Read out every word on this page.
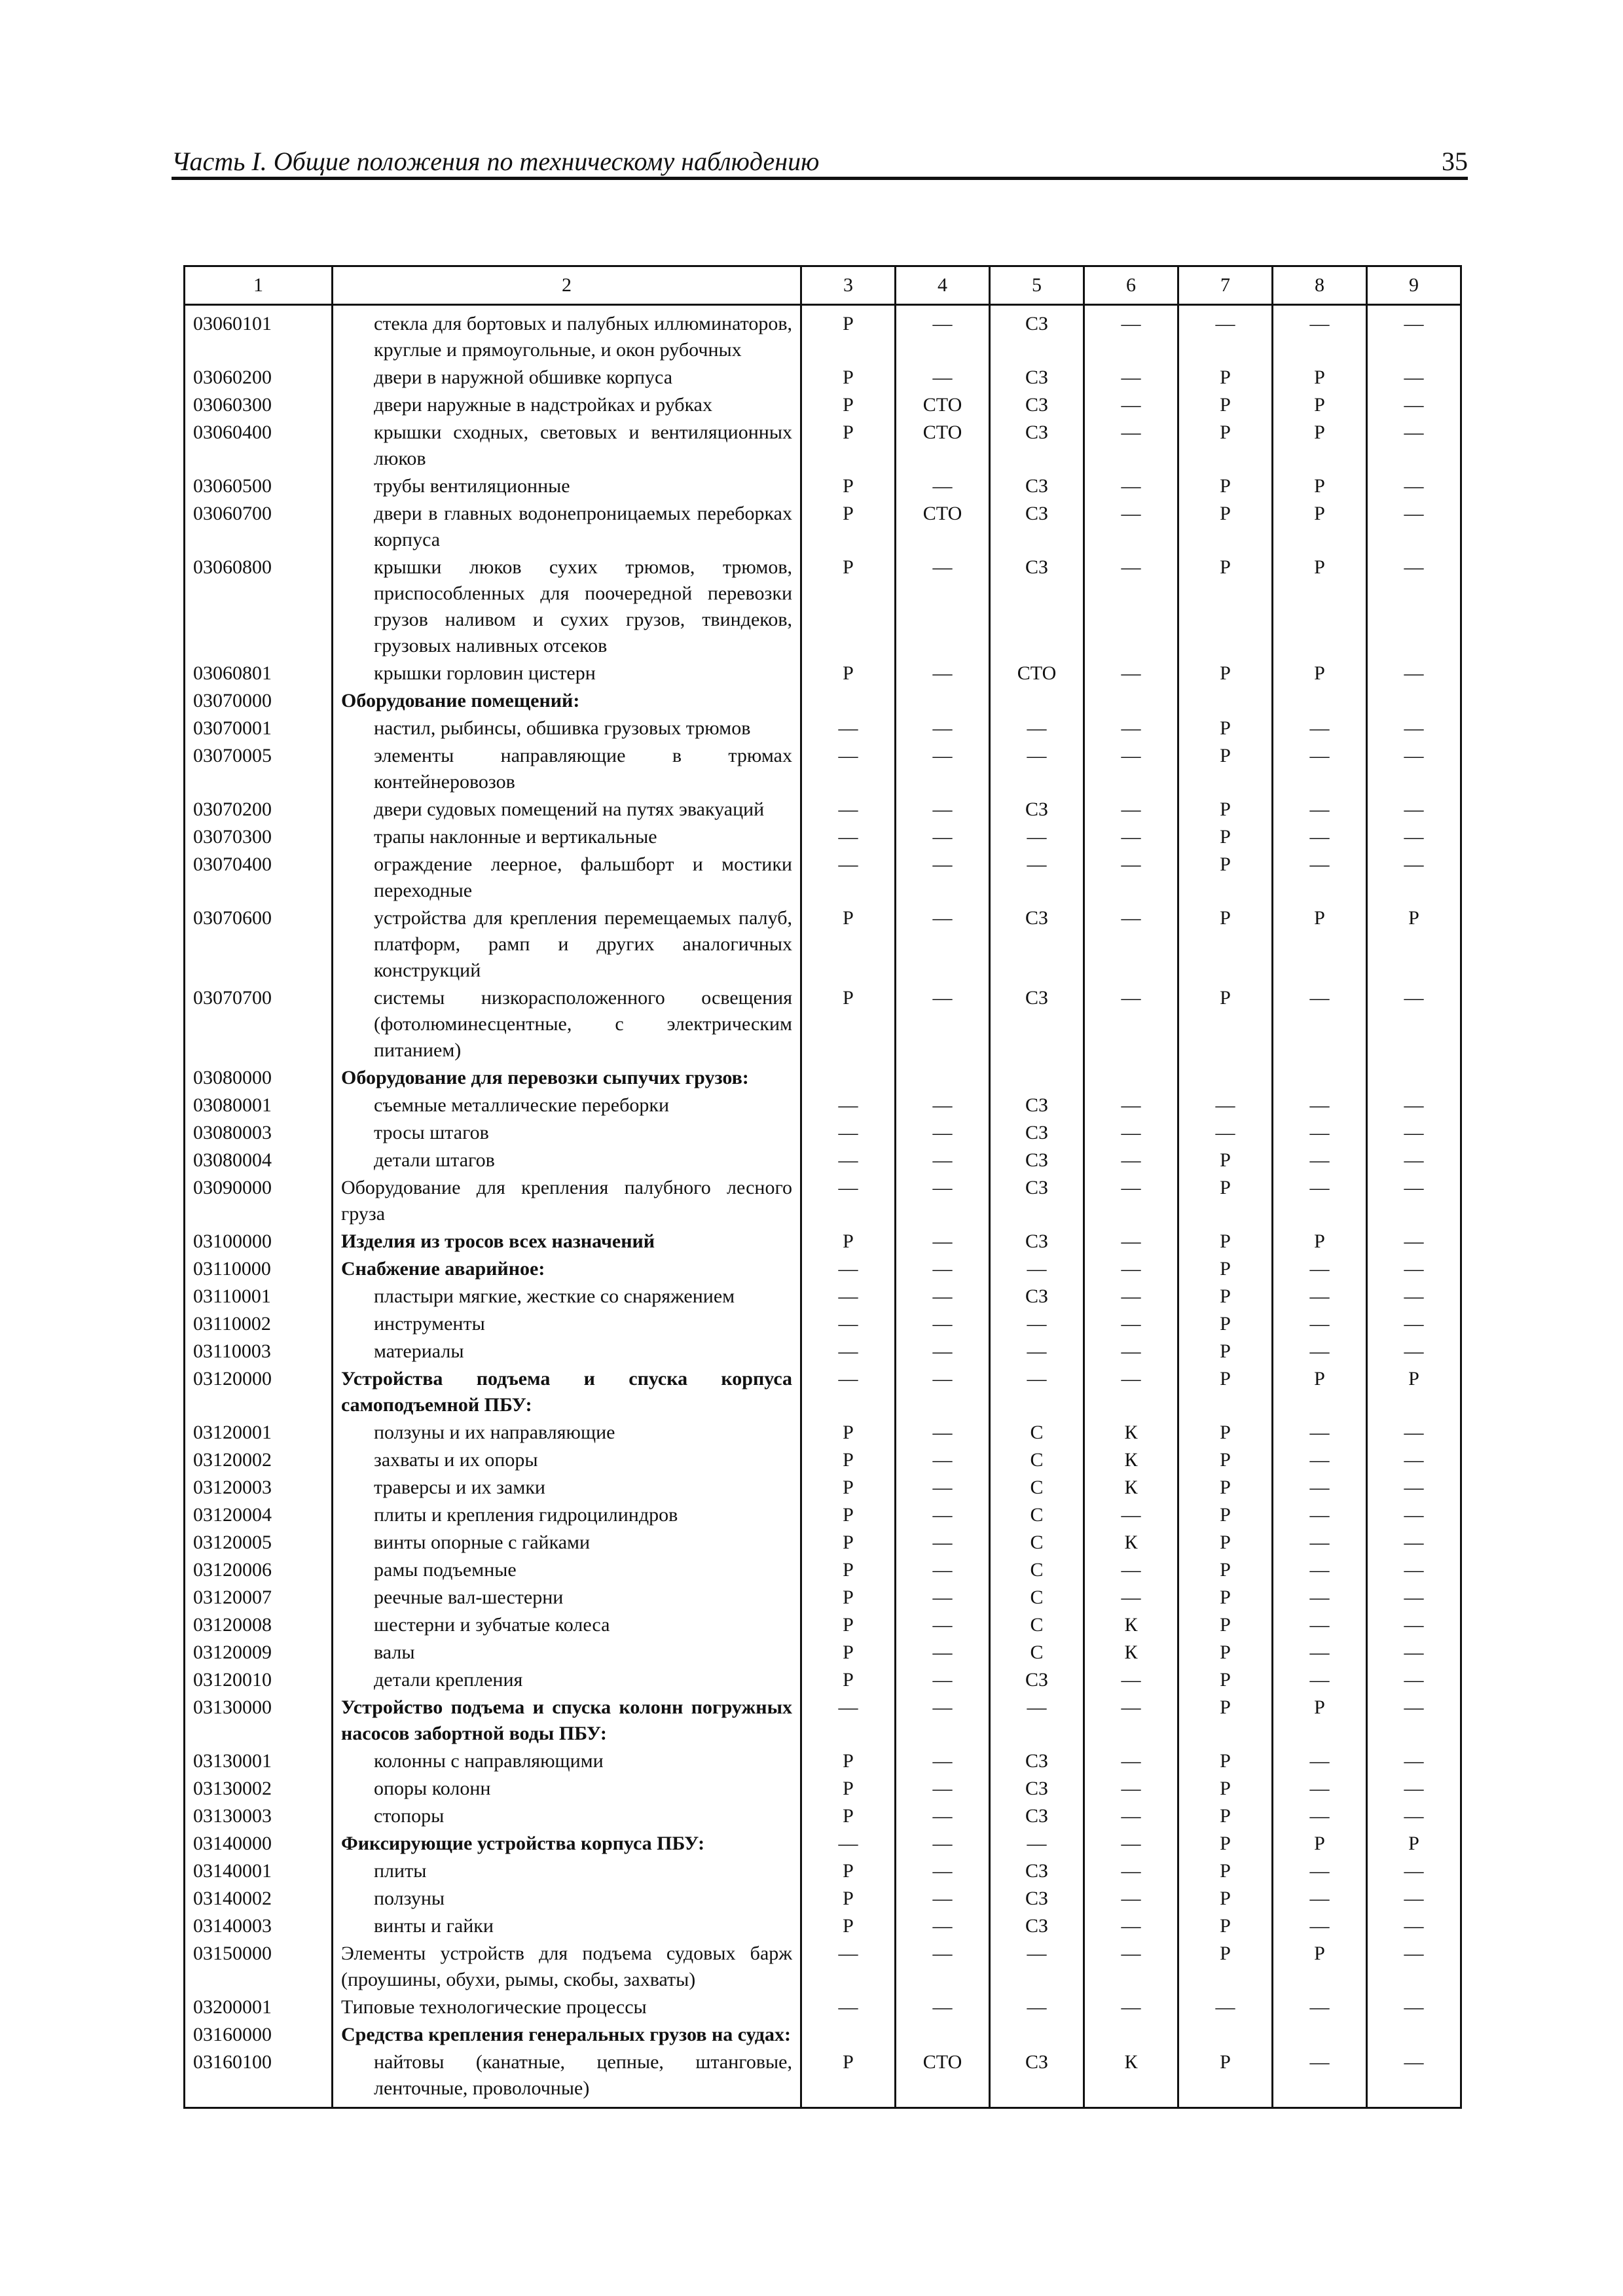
Часть I. Общие положения по техническому наблюдению	35
1	2	3	4	5	6	7	8	9
03060101	стекла для бортовых и палубных иллюминаторов, круглые и прямоугольные, и окон рубочных	Р	—	СЗ	—	—	—	—
03060200	двери в наружной обшивке корпуса	Р	—	СЗ	—	Р	Р	—
03060300	двери наружные в надстройках и рубках	Р	СТО	СЗ	—	Р	Р	—
03060400	крышки сходных, световых и вентиляционных люков	Р	СТО	СЗ	—	Р	Р	—
03060500	трубы вентиляционные	Р	—	СЗ	—	Р	Р	—
03060700	двери в главных водонепроницаемых переборках корпуса	Р	СТО	СЗ	—	Р	Р	—
03060800	крышки люков сухих трюмов, трюмов, приспособленных для поочередной перевозки грузов наливом и сухих грузов, твиндеков, грузовых наливных отсеков	Р	—	СЗ	—	Р	Р	—
03060801	крышки горловин цистерн	Р	—	СТО	—	Р	Р	—
03070000	Оборудование помещений:							
03070001	настил, рыбинсы, обшивка грузовых трюмов	—	—	—	—	Р	—	—
03070005	элементы направляющие в трюмах контейнеровозов	—	—	—	—	Р	—	—
03070200	двери судовых помещений на путях эвакуаций	—	—	СЗ	—	Р	—	—
03070300	трапы наклонные и вертикальные	—	—	—	—	Р	—	—
03070400	ограждение леерное, фальшборт и мостики переходные	—	—	—	—	Р	—	—
03070600	устройства для крепления перемещаемых палуб, платформ, рамп и других аналогичных конструкций	Р	—	СЗ	—	Р	Р	Р
03070700	системы низкорасположенного освещения (фотолюминесцентные, с электрическим питанием)	Р	—	СЗ	—	Р	—	—
03080000	Оборудование для перевозки сыпучих грузов:							
03080001	съемные металлические переборки	—	—	СЗ	—	—	—	—
03080003	тросы штагов	—	—	СЗ	—	—	—	—
03080004	детали штагов	—	—	СЗ	—	Р	—	—
03090000	Оборудование для крепления палубного лесного груза	—	—	СЗ	—	Р	—	—
03100000	Изделия из тросов всех назначений	Р	—	СЗ	—	Р	Р	—
03110000	Снабжение аварийное:	—	—	—	—	Р	—	—
03110001	пластыри мягкие, жесткие со снаряжением	—	—	СЗ	—	Р	—	—
03110002	инструменты	—	—	—	—	Р	—	—
03110003	материалы	—	—	—	—	Р	—	—
03120000	Устройства подъема и спуска корпуса самоподъемной ПБУ:	—	—	—	—	Р	Р	Р
03120001	ползуны и их направляющие	Р	—	С	К	Р	—	—
03120002	захваты и их опоры	Р	—	С	К	Р	—	—
03120003	траверсы и их замки	Р	—	С	К	Р	—	—
03120004	плиты и крепления гидроцилиндров	Р	—	С	—	Р	—	—
03120005	винты опорные с гайками	Р	—	С	К	Р	—	—
03120006	рамы подъемные	Р	—	С	—	Р	—	—
03120007	реечные вал-шестерни	Р	—	С	—	Р	—	—
03120008	шестерни и зубчатые колеса	Р	—	С	К	Р	—	—
03120009	валы	Р	—	С	К	Р	—	—
03120010	детали крепления	Р	—	СЗ	—	Р	—	—
03130000	Устройство подъема и спуска колонн погружных насосов забортной воды ПБУ:	—	—	—	—	Р	Р	—
03130001	колонны с направляющими	Р	—	СЗ	—	Р	—	—
03130002	опоры колонн	Р	—	СЗ	—	Р	—	—
03130003	стопоры	Р	—	СЗ	—	Р	—	—
03140000	Фиксирующие устройства корпуса ПБУ:	—	—	—	—	Р	Р	Р
03140001	плиты	Р	—	СЗ	—	Р	—	—
03140002	ползуны	Р	—	СЗ	—	Р	—	—
03140003	винты и гайки	Р	—	СЗ	—	Р	—	—
03150000	Элементы устройств для подъема судовых барж (проушины, обухи, рымы, скобы, захваты)	—	—	—	—	Р	Р	—
03200001	Типовые технологические процессы	—	—	—	—	—	—	—
03160000	Средства крепления генеральных грузов на судах:							
03160100	найтовы (канатные, цепные, штанговые, ленточные, проволочные)	Р	СТО	СЗ	К	Р	—	—
